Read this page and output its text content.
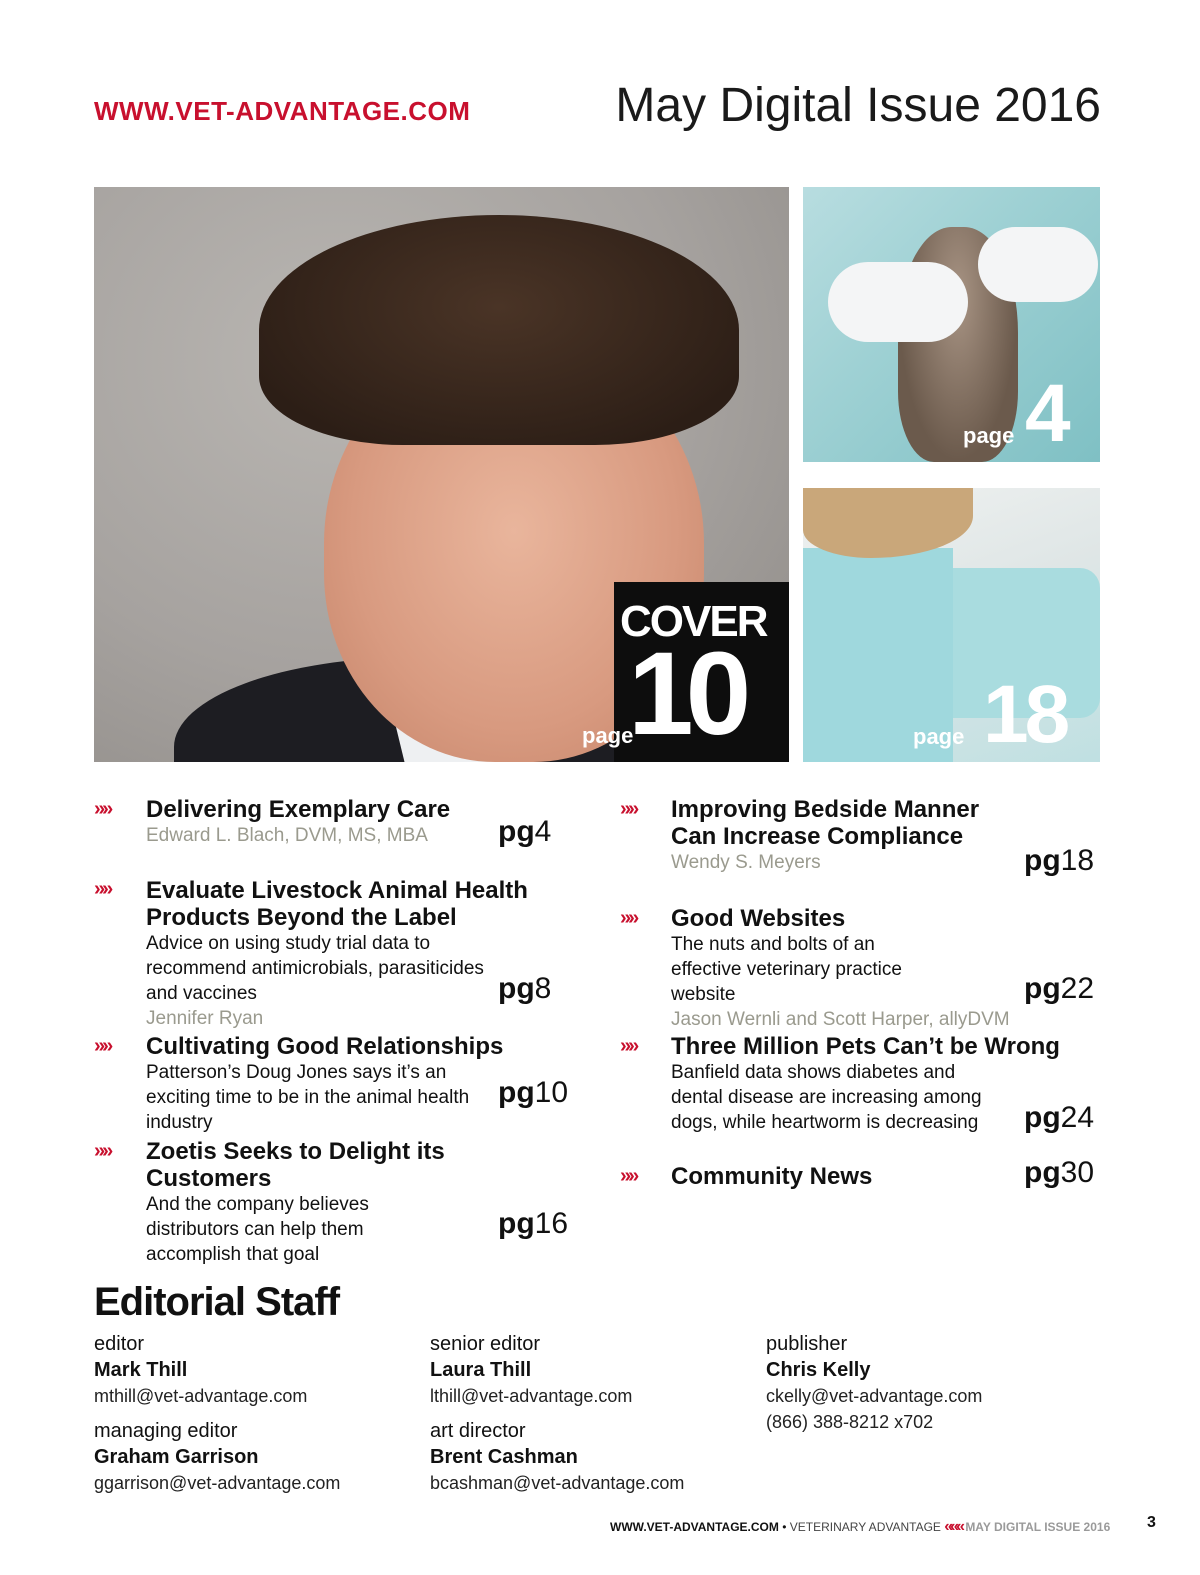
WWW.VET-ADVANTAGE.COM	May Digital Issue 2016
COVER
page
10
page 4
page 18
»» Delivering Exemplary Care
Edward L. Blach, DVM, MS, MBA	pg4
»» Evaluate Livestock Animal Health Products Beyond the Label
Advice on using study trial data to recommend antimicrobials, parasiticides and vaccines
Jennifer Ryan
pg8
»» Cultivating Good Relationships
Patterson’s Doug Jones says it’s an exciting time to be in the animal health industry
pg10
»» Zoetis Seeks to Delight its Customers
And the company believes distributors can help them accomplish that goal
pg16
»» Improving Bedside Manner Can Increase Compliance
Wendy S. Meyers	pg18
»» Good Websites
The nuts and bolts of an effective veterinary practice website
Jason Wernli and Scott Harper, allyDVM
pg22
»» Three Million Pets Can’t be Wrong
Banfield data shows diabetes and dental disease are increasing among dogs, while heartworm is decreasing	pg24
»» Community News	pg30
Editorial Staff
editor
Mark Thill
mthill@vet-advantage.com
managing editor
Graham Garrison
ggarrison@vet-advantage.com
senior editor
Laura Thill
lthill@vet-advantage.com
art director
Brent Cashman
bcashman@vet-advantage.com
publisher
Chris Kelly
ckelly@vet-advantage.com
(866) 388-8212 x702
WWW.VET-ADVANTAGE.COM • VETERINARY ADVANTAGE ««« MAY DIGITAL ISSUE 2016 3
